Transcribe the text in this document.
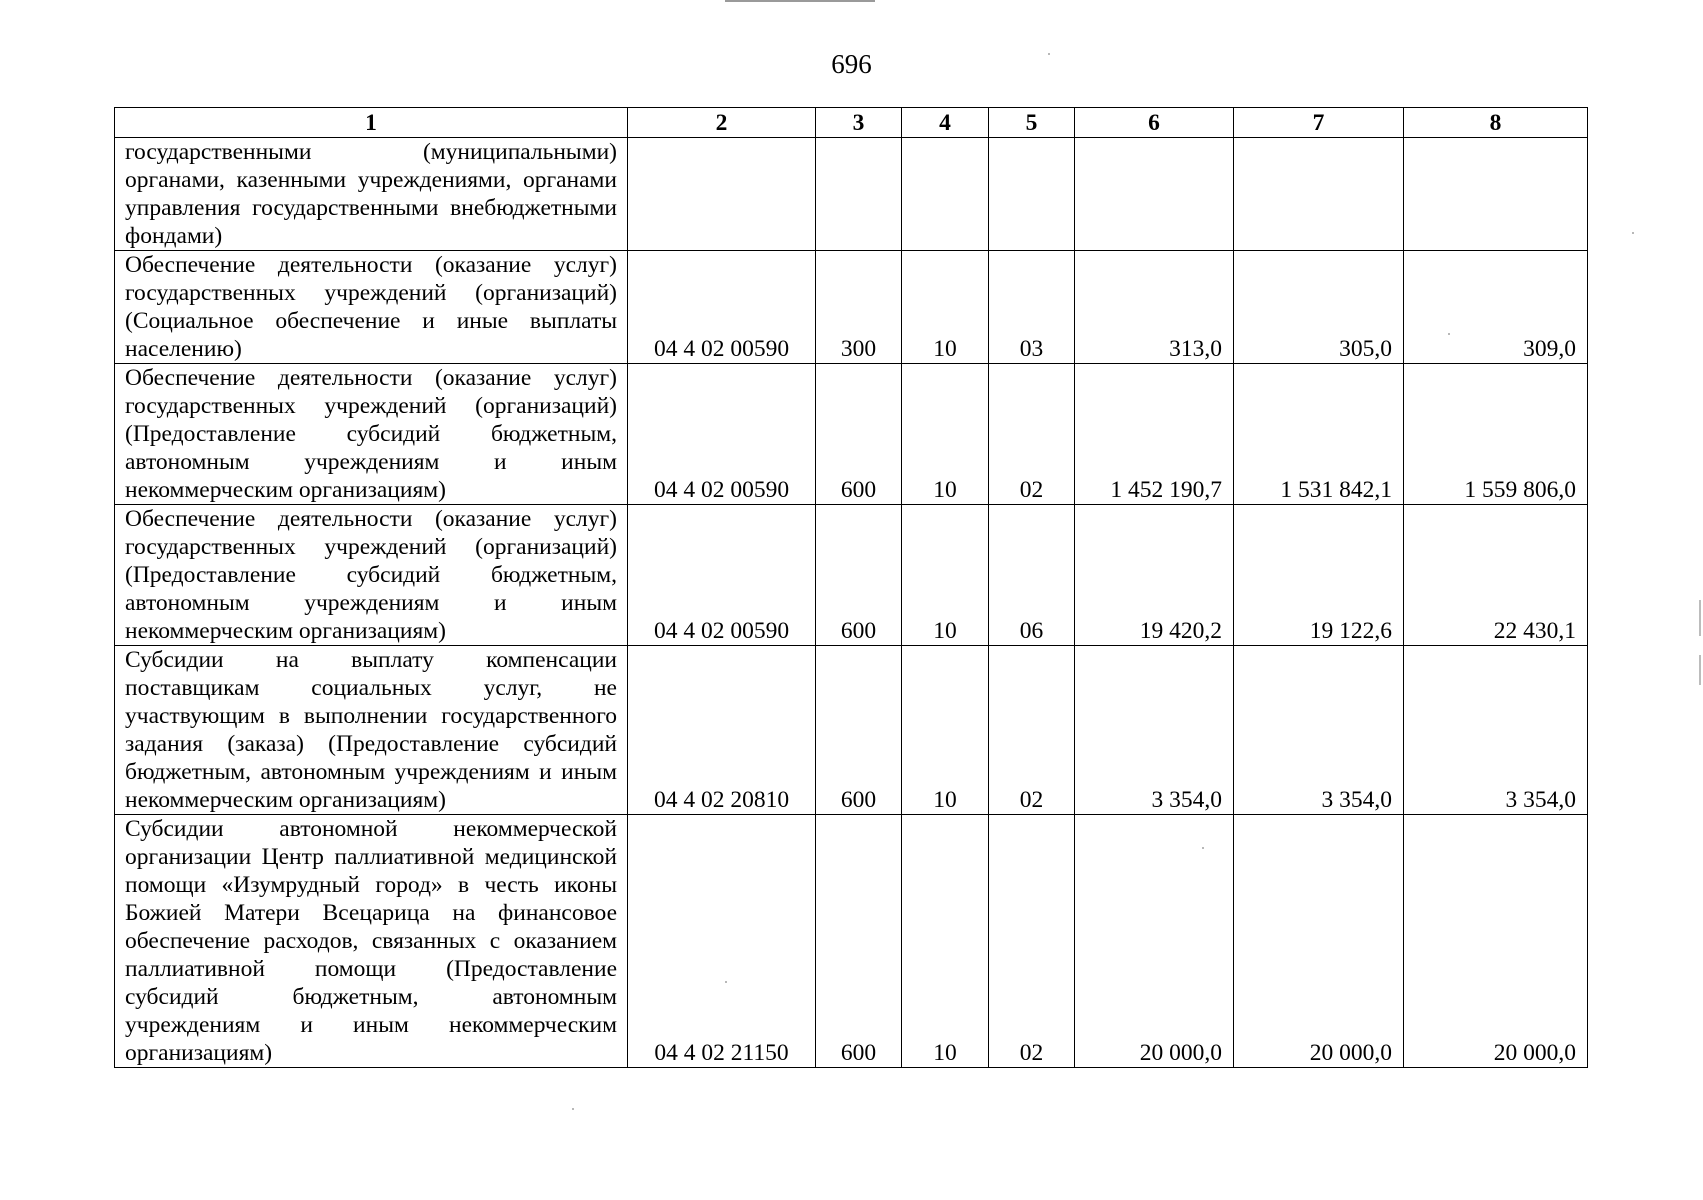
696
1	2	3	4	5	6	7	8
государственными (муниципальными) органами, казенными учреждениями, органами управления государственными внебюджетными фондами)							
Обеспечение деятельности (оказание услуг) государственных учреждений (организаций) (Социальное обеспечение и иные выплаты населению)	04 4 02 00590	300	10	03	313,0	305,0	309,0
Обеспечение деятельности (оказание услуг) государственных учреждений (организаций) (Предоставление субсидий бюджетным, автономным учреждениям и иным некоммерческим организациям)	04 4 02 00590	600	10	02	1 452 190,7	1 531 842,1	1 559 806,0
Обеспечение деятельности (оказание услуг) государственных учреждений (организаций) (Предоставление субсидий бюджетным, автономным учреждениям и иным некоммерческим организациям)	04 4 02 00590	600	10	06	19 420,2	19 122,6	22 430,1
Субсидии на выплату компенсации поставщикам социальных услуг, не участвующим в выполнении государственного задания (заказа) (Предоставление субсидий бюджетным, автономным учреждениям и иным некоммерческим организациям)	04 4 02 20810	600	10	02	3 354,0	3 354,0	3 354,0
Субсидии автономной некоммерческой организации Центр паллиативной медицинской помощи «Изумрудный город» в честь иконы Божией Матери Всецарица на финансовое обеспечение расходов, связанных с оказанием паллиативной помощи (Предоставление субсидий бюджетным, автономным учреждениям и иным некоммерческим организациям)	04 4 02 21150	600	10	02	20 000,0	20 000,0	20 000,0
